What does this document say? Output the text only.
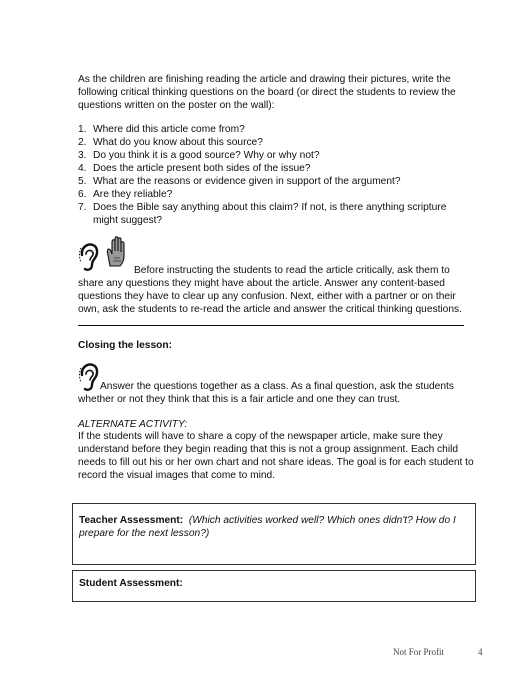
As the children are finishing reading the article and drawing their pictures, write the following critical thinking questions on the board (or direct the students to review the questions written on the poster on the wall):
1. Where did this article come from?
2. What do you know about this source?
3. Do you think it is a good source? Why or why not?
4. Does the article present both sides of the issue?
5. What are the reasons or evidence given in support of the argument?
6. Are they reliable?
7. Does the Bible say anything about this claim? If not, is there anything scripture might suggest?
Before instructing the students to read the article critically, ask them to share any questions they might have about the article. Answer any content-based questions they have to clear up any confusion. Next, either with a partner or on their own, ask the students to re-read the article and answer the critical thinking questions.
Closing the lesson:
Answer the questions together as a class. As a final question, ask the students whether or not they think that this is a fair article and one they can trust.
ALTERNATE ACTIVITY:
If the students will have to share a copy of the newspaper article, make sure they understand before they begin reading that this is not a group assignment. Each child needs to fill out his or her own chart and not share ideas. The goal is for each student to record the visual images that come to mind.
Teacher Assessment: (Which activities worked well? Which ones didn't? How do I prepare for the next lesson?)
Student Assessment:
Not For Profit	4
